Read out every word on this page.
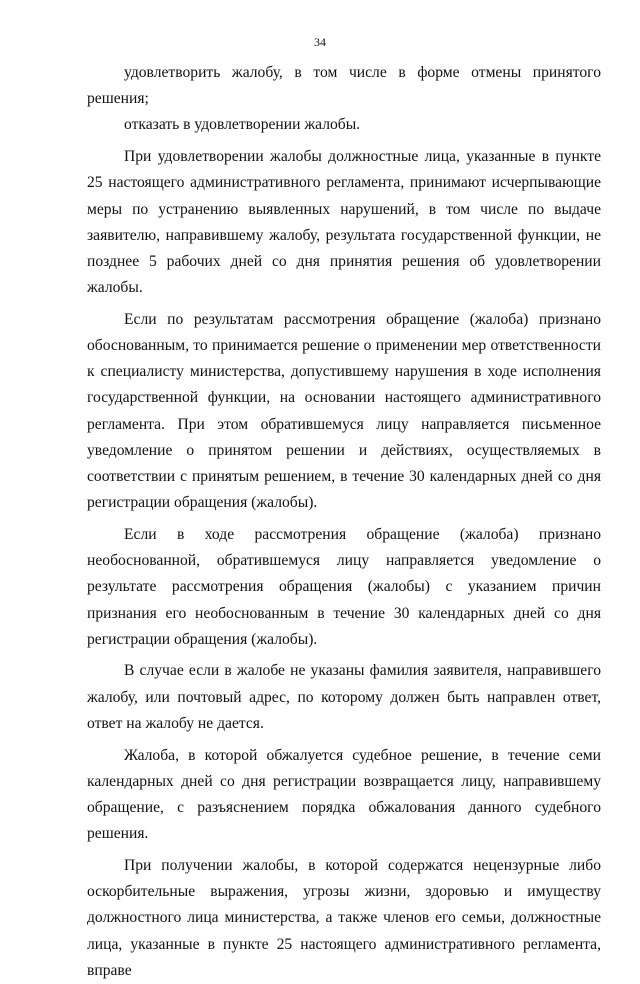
34

удовлетворить жалобу, в том числе в форме отмены принятого решения;

отказать в удовлетворении жалобы.

При удовлетворении жалобы должностные лица, указанные в пункте 25 настоящего административного регламента, принимают исчерпывающие меры по устранению выявленных нарушений, в том числе по выдаче заявителю, направившему жалобу, результата государственной функции, не позднее 5 рабочих дней со дня принятия решения об удовлетворении жалобы.

Если по результатам рассмотрения обращение (жалоба) признано обоснованным, то принимается решение о применении мер ответственности к специалисту министерства, допустившему нарушения в ходе исполнения государственной функции, на основании настоящего административного регламента. При этом обратившемуся лицу направляется письменное уведомление о принятом решении и действиях, осуществляемых в соответствии с принятым решением, в течение 30 календарных дней со дня регистрации обращения (жалобы).

Если в ходе рассмотрения обращение (жалоба) признано необоснованной, обратившемуся лицу направляется уведомление о результате рассмотрения обращения (жалобы) с указанием причин признания его необоснованным в течение 30 календарных дней со дня регистрации обращения (жалобы).

В случае если в жалобе не указаны фамилия заявителя, направившего жалобу, или почтовый адрес, по которому должен быть направлен ответ, ответ на жалобу не дается.

Жалоба, в которой обжалуется судебное решение, в течение семи календарных дней со дня регистрации возвращается лицу, направившему обращение, с разъяснением порядка обжалования данного судебного решения.

При получении жалобы, в которой содержатся нецензурные либо оскорбительные выражения, угрозы жизни, здоровью и имуществу должностного лица министерства, а также членов его семьи, должностные лица, указанные в пункте 25 настоящего административного регламента, вправе
